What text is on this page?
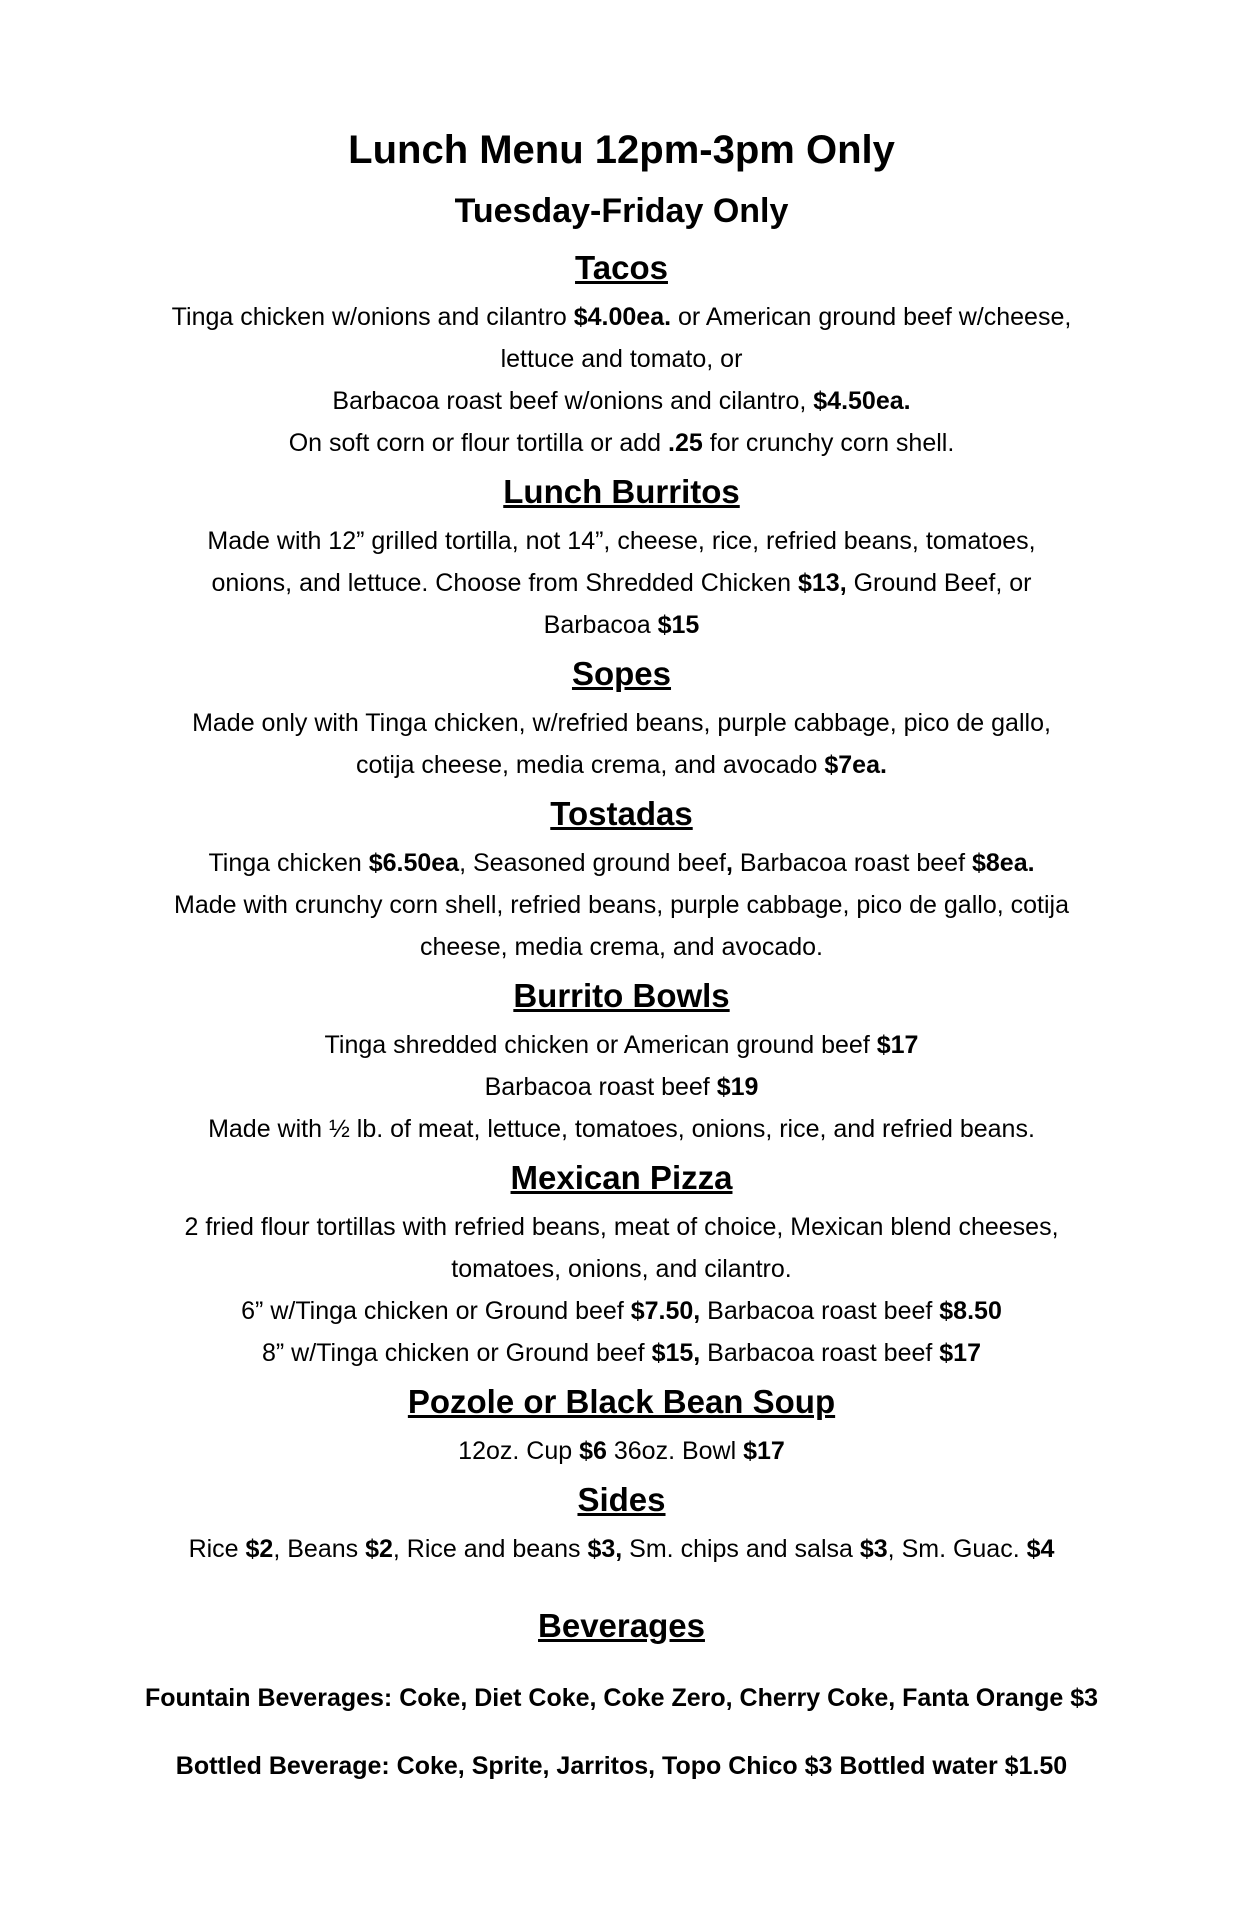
Lunch Menu 12pm-3pm Only
Tuesday-Friday Only
Tacos

Tinga chicken w/onions and cilantro $4.00ea. or American ground beef w/cheese,

lettuce and tomato, or

Barbacoa roast beef w/onions and cilantro, $4.50ea.

On soft corn or flour tortilla or add .25 for crunchy corn shell.

Lunch Burritos

Made with 12” grilled tortilla, not 14”, cheese, rice, refried beans, tomatoes,

onions, and lettuce. Choose from Shredded Chicken $13, Ground Beef, or

Barbacoa $15

Sopes

Made only with Tinga chicken, w/refried beans, purple cabbage, pico de gallo,

cotija cheese, media crema, and avocado $7ea.

Tostadas

Tinga chicken $6.50ea, Seasoned ground beef, Barbacoa roast beef $8ea.

Made with crunchy corn shell, refried beans, purple cabbage, pico de gallo, cotija

cheese, media crema, and avocado.

Burrito Bowls

Tinga shredded chicken or American ground beef $17

Barbacoa roast beef $19

Made with ½ lb. of meat, lettuce, tomatoes, onions, rice, and refried beans.

Mexican Pizza

2 fried flour tortillas with refried beans, meat of choice, Mexican blend cheeses,

tomatoes, onions, and cilantro.

6” w/Tinga chicken or Ground beef $7.50, Barbacoa roast beef $8.50

8” w/Tinga chicken or Ground beef $15, Barbacoa roast beef $17

Pozole or Black Bean Soup

12oz. Cup $6 36oz. Bowl $17

Sides

Rice $2, Beans $2, Rice and beans $3, Sm. chips and salsa $3, Sm. Guac. $4

Beverages

Fountain Beverages: Coke, Diet Coke, Coke Zero, Cherry Coke, Fanta Orange $3

Bottled Beverage: Coke, Sprite, Jarritos, Topo Chico $3 Bottled water $1.50
